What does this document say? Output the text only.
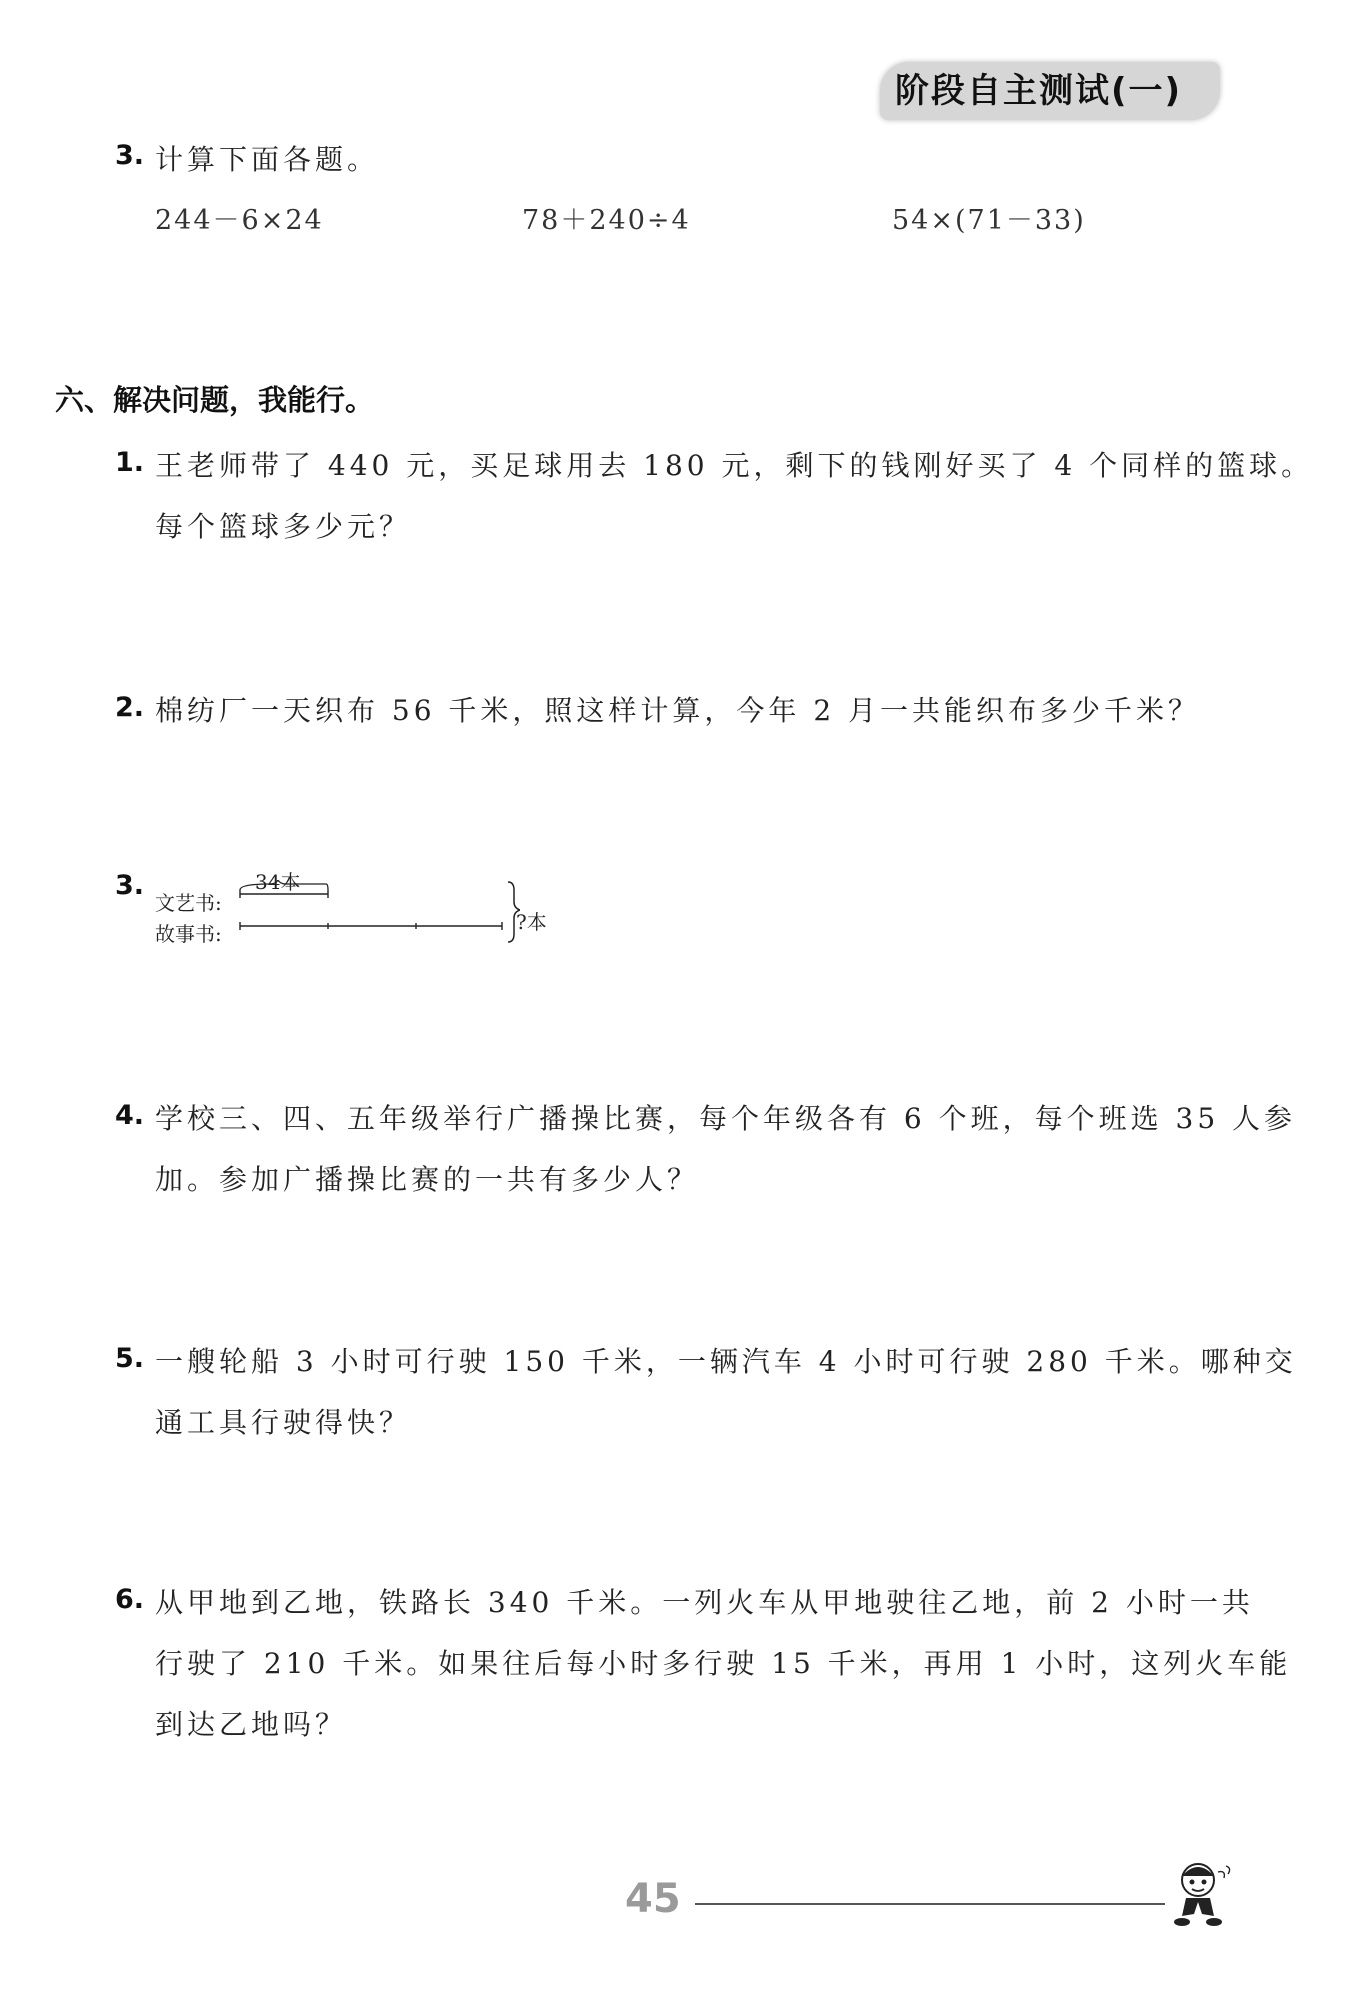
阶段自主测试(一)
3. 计算下面各题。
244－6×24	78＋240÷4	54×(71－33)
六、解决问题，我能行。
1. 王老师带了 440 元，买足球用去 180 元，剩下的钱刚好买了 4 个同样的篮球。
每个篮球多少元？
2. 棉纺厂一天织布 56 千米，照这样计算，今年 2 月一共能织布多少千米？
3.	34本
文艺书:
故事书:	?本
4. 学校三、四、五年级举行广播操比赛，每个年级各有 6 个班，每个班选 35 人参
加。参加广播操比赛的一共有多少人？
5. 一艘轮船 3 小时可行驶 150 千米，一辆汽车 4 小时可行驶 280 千米。哪种交
通工具行驶得快？
6. 从甲地到乙地，铁路长 340 千米。一列火车从甲地驶往乙地，前 2 小时一共
行驶了 210 千米。如果往后每小时多行驶 15 千米，再用 1 小时，这列火车能
到达乙地吗？
45
